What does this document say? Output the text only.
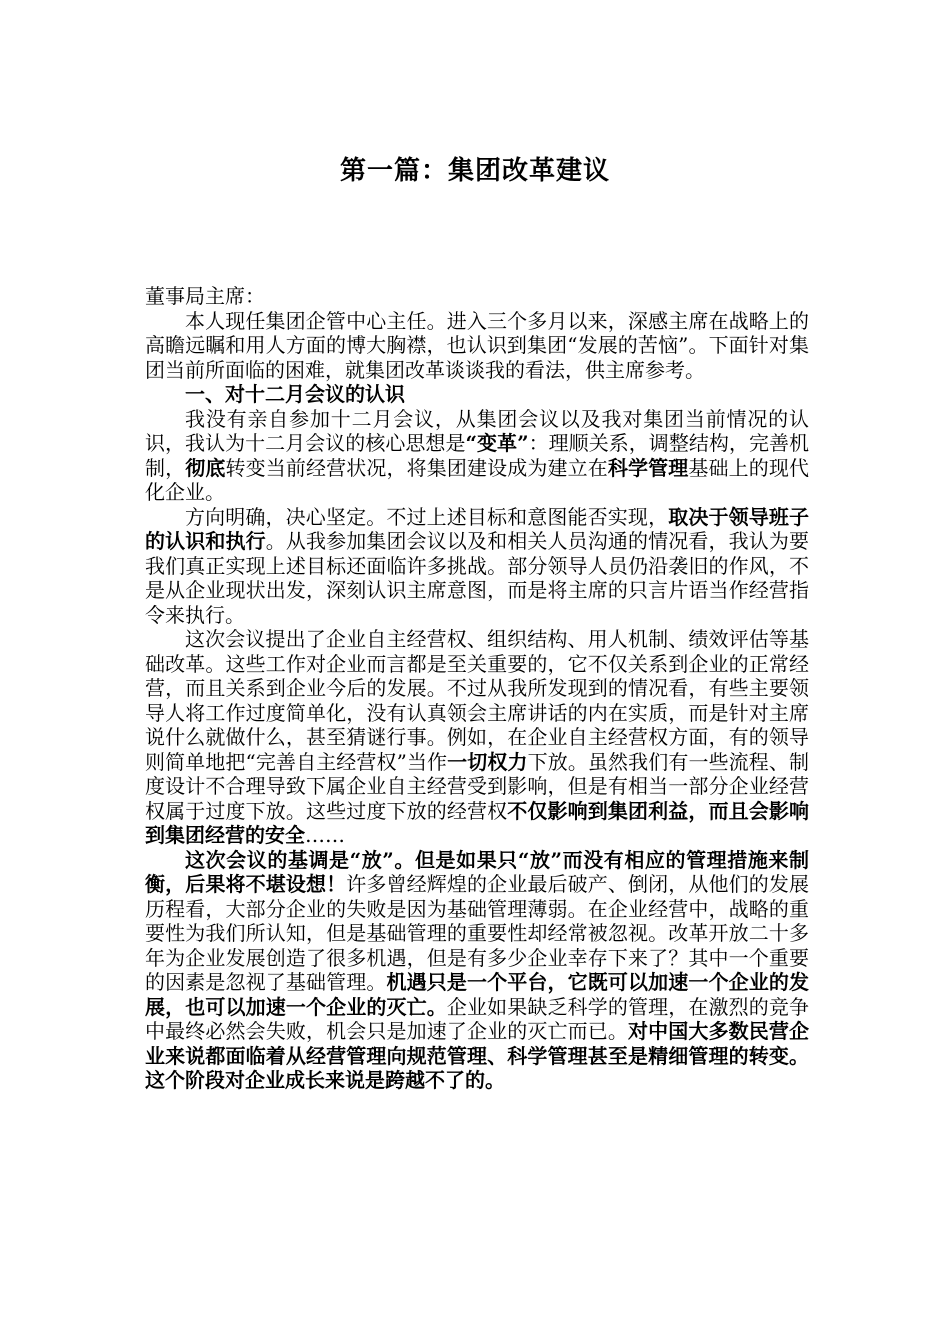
第一篇：集团改革建议

董事局主席：

本人现任集团企管中心主任。进入三个多月以来，深感主席在战略上的高瞻远瞩和用人方面的博大胸襟，也认识到集团“发展的苦恼”。下面针对集团当前所面临的困难，就集团改革谈谈我的看法，供主席参考。

一、对十二月会议的认识

我没有亲自参加十二月会议，从集团会议以及我对集团当前情况的认识，我认为十二月会议的核心思想是“变革”：理顺关系，调整结构，完善机制，彻底转变当前经营状况，将集团建设成为建立在科学管理基础上的现代化企业。

方向明确，决心坚定。不过上述目标和意图能否实现，取决于领导班子的认识和执行。从我参加集团会议以及和相关人员沟通的情况看，我认为要我们真正实现上述目标还面临许多挑战。部分领导人员仍沿袭旧的作风，不是从企业现状出发，深刻认识主席意图，而是将主席的只言片语当作经营指令来执行。

这次会议提出了企业自主经营权、组织结构、用人机制、绩效评估等基础改革。这些工作对企业而言都是至关重要的，它不仅关系到企业的正常经营，而且关系到企业今后的发展。不过从我所发现到的情况看，有些主要领导人将工作过度简单化，没有认真领会主席讲话的内在实质，而是针对主席说什么就做什么，甚至猜谜行事。例如，在企业自主经营权方面，有的领导则简单地把“完善自主经营权”当作一切权力下放。虽然我们有一些流程、制度设计不合理导致下属企业自主经营受到影响，但是有相当一部分企业经营权属于过度下放。这些过度下放的经营权不仅影响到集团利益，而且会影响到集团经营的安全……

这次会议的基调是“放”。但是如果只“放”而没有相应的管理措施来制衡，后果将不堪设想！许多曾经辉煌的企业最后破产、倒闭，从他们的发展历程看，大部分企业的失败是因为基础管理薄弱。在企业经营中，战略的重要性为我们所认知，但是基础管理的重要性却经常被忽视。改革开放二十多年为企业发展创造了很多机遇，但是有多少企业幸存下来了？其中一个重要的因素是忽视了基础管理。机遇只是一个平台，它既可以加速一个企业的发展，也可以加速一个企业的灭亡。企业如果缺乏科学的管理，在激烈的竞争中最终必然会失败，机会只是加速了企业的灭亡而已。对中国大多数民营企业来说都面临着从经营管理向规范管理、科学管理甚至是精细管理的转变。这个阶段对企业成长来说是跨越不了的。
